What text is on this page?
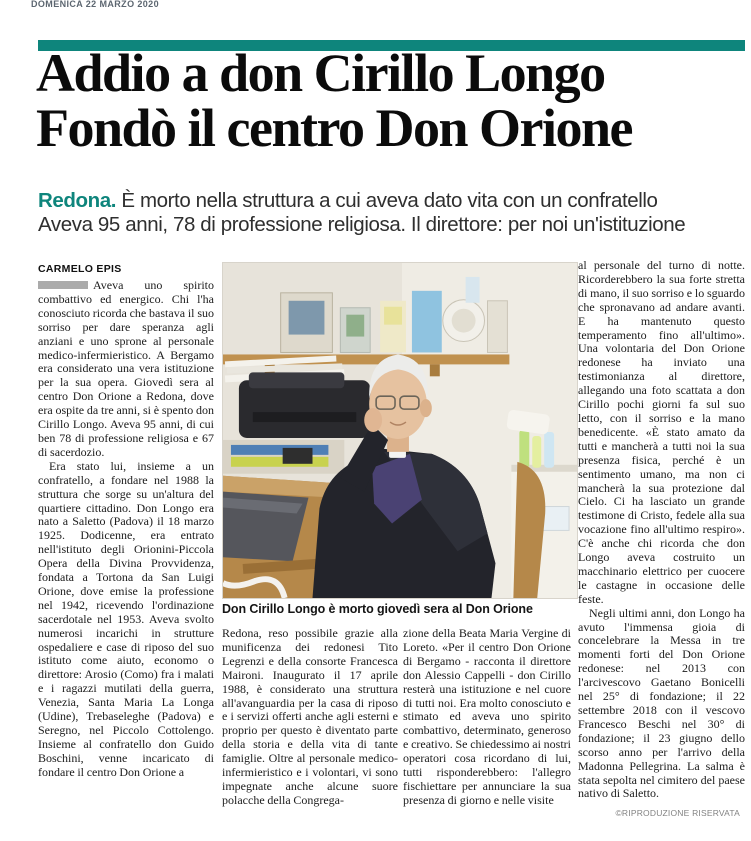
DOMENICA 22 MARZO 2020
Addio a don Cirillo Longo
Fondò il centro Don Orione
Redona. È morto nella struttura a cui aveva dato vita con un confratello
Aveva 95 anni, 78 di professione religiosa. Il direttore: per noi un'istituzione
CARMELO EPIS

Aveva uno spirito combattivo ed energico. Chi l'ha conosciuto ricorda che bastava il suo sorriso per dare speranza agli anziani e uno sprone al personale medico-infermieristico. A Bergamo era considerato una vera istituzione per la sua opera. Giovedì sera al centro Don Orione a Redona, dove era ospite da tre anni, si è spento don Cirillo Longo. Aveva 95 anni, di cui ben 78 di professione religiosa e 67 di sacerdozio.

Era stato lui, insieme a un confratello, a fondare nel 1988 la struttura che sorge su un'altura del quartiere cittadino. Don Longo era nato a Saletto (Padova) il 18 marzo 1925. Dodicenne, era entrato nell'istituto degli Orionini-Piccola Opera della Divina Provvidenza, fondata a Tortona da San Luigi Orione, dove emise la professione nel 1942, ricevendo l'ordinazione sacerdotale nel 1953. Aveva svolto numerosi incarichi in strutture ospedaliere e case di riposo del suo istituto come aiuto, economo o direttore: Arosio (Como) fra i malati e i ragazzi mutilati della guerra, Venezia, Santa Maria La Longa (Udine), Trebaseleghe (Padova) e Seregno, nel Piccolo Cottolengo. Insieme al confratello don Guido Boschini, venne incaricato di fondare il centro Don Orione a

Don Cirillo Longo è morto giovedì sera al Don Orione

Redona, reso possibile grazie alla munificenza dei redonesi Tito Legrenzi e della consorte Francesca Maironi. Inaugurato il 17 aprile 1988, è considerato una struttura all'avanguardia per la casa di riposo e i servizi offerti anche agli esterni e proprio per questo è diventato parte della storia e della vita di tante famiglie. Oltre al personale medico-infermieristico e i volontari, vi sono impegnate anche alcune suore polacche della Congrega-

zione della Beata Maria Vergine di Loreto. «Per il centro Don Orione di Bergamo - racconta il direttore don Alessio Cappelli - don Cirillo resterà una istituzione e nel cuore di tutti noi. Era molto conosciuto e stimato ed aveva uno spirito combattivo, determinato, generoso e creativo. Se chiedessimo ai nostri operatori cosa ricordano di lui, tutti risponderebbero: l'allegro fischiettare per annunciare la sua presenza di giorno e nelle visite

al personale del turno di notte. Ricorderebbero la sua forte stretta di mano, il suo sorriso e lo sguardo che spronavano ad andare avanti. E ha mantenuto questo temperamento fino all'ultimo». Una volontaria del Don Orione redonese ha inviato una testimonianza al direttore, allegando una foto scattata a don Cirillo pochi giorni fa sul suo letto, con il sorriso e la mano benedicente. «È stato amato da tutti e mancherà a tutti noi la sua presenza fisica, perché è un sentimento umano, ma non ci mancherà la sua protezione dal Cielo. Ci ha lasciato un grande testimone di Cristo, fedele alla sua vocazione fino all'ultimo respiro». C'è anche chi ricorda che don Longo aveva costruito un macchinario elettrico per cuocere le castagne in occasione delle feste.

Negli ultimi anni, don Longo ha avuto l'immensa gioia di concelebrare la Messa in tre momenti forti del Don Orione redonese: nel 2013 con l'arcivescovo Gaetano Bonicelli nel 25° di fondazione; il 22 settembre 2018 con il vescovo Francesco Beschi nel 30° di fondazione; il 23 giugno dello scorso anno per l'arrivo della Madonna Pellegrina. La salma è stata sepolta nel cimitero del paese nativo di Saletto.

©RIPRODUZIONE RISERVATA
